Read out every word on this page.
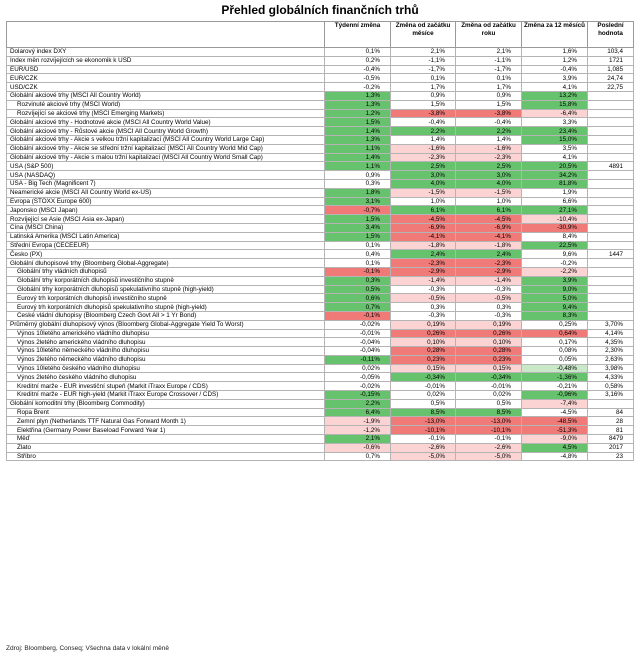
Přehled globálních finančních trhů
	Týdenní změna	Změna od začátku měsíce	Změna od začátku roku	Změna za 12 měsíců	Poslední hodnota
Dolarový index DXY	0,1%	2,1%	2,1%	1,6%	103,4
Index měn rozvíjejících se ekonomik k USD	0,2%	-1,1%	-1,1%	1,2%	1721
EUR/USD	-0,4%	-1,7%	-1,7%	-0,4%	1,085
EUR/CZK	-0,5%	0,1%	0,1%	3,9%	24,74
USD/CZK	-0,2%	1,7%	1,7%	4,1%	22,75
Globální akciové trhy (MSCI All Country World)	1,3%	0,9%	0,9%	13,2%	
Rozvinuté akciové trhy (MSCI World)	1,3%	1,5%	1,5%	15,8%	
Rozvíjející se akciové trhy (MSCI Emerging Markets)	1,2%	-3,8%	-3,8%	-6,4%	
Globální akciové trhy - Hodnotové akcie (MSCI All Country World Value)	1,5%	-0,4%	-0,4%	3,3%	
Globální akciové trhy - Růstové akcie (MSCI All Country World Growth)	1,4%	2,2%	2,2%	23,4%	
Globální akciové trhy - Akcie s velkou tržní kapitalizací (MSCI All Country World Large Cap)	1,3%	1,4%	1,4%	15,0%	
Globální akciové trhy - Akcie se střední tržní kapitalizací (MSCI All Country World Mid Cap)	1,1%	-1,6%	-1,6%	3,5%	
Globální akciové trhy - Akcie s malou tržní kapitalizací (MSCI All Country World Small Cap)	1,4%	-2,3%	-2,3%	4,1%	
USA (S&P 500)	1,1%	2,5%	2,5%	20,5%	4891
USA (NASDAQ)	0,9%	3,0%	3,0%	34,2%	
USA - Big Tech (Magnificent 7)	0,3%	4,0%	4,0%	81,8%	
Neamerické akcie (MSCI All Country World ex-US)	1,8%	-1,5%	-1,5%	1,9%	
Evropa (STOXX Europe 600)	3,1%	1,0%	1,0%	6,6%	
Japonsko (MSCI Japan)	-0,7%	6,1%	6,1%	27,1%	
Rozvíjející se Asie (MSCI Asia ex-Japan)	1,5%	-4,5%	-4,5%	-10,4%	
Čína (MSCI China)	3,4%	-6,9%	-6,9%	-30,9%	
Latinská Amerika (MSCI Latin America)	1,5%	-4,1%	-4,1%	8,4%	
Střední Evropa (CECEEUR)	0,1%	-1,8%	-1,8%	22,5%	
Česko (PX)	0,4%	2,4%	2,4%	9,6%	1447
Globální dluhopisové trhy (Bloomberg Global-Aggregate)	0,1%	-2,3%	-2,3%	-0,2%	
Globální trhy vládních dluhopisů	-0,1%	-2,9%	-2,9%	-2,2%	
Globální trhy korporátních dluhopisů investičního stupně	0,3%	-1,4%	-1,4%	3,9%	
Globální trhy korporátních dluhopisů spekulativního stupně (high-yield)	0,5%	-0,3%	-0,3%	9,0%	
Eurový trh korporátních dluhopisů investičního stupně	0,6%	-0,5%	-0,5%	5,0%	
Eurový trh korporátních dluhopisů spekulativního stupně (high-yield)	0,7%	0,3%	0,3%	9,4%	
České vládní dluhopisy (Bloomberg Czech Govt All > 1 Yr Bond)	-0,1%	-0,3%	-0,3%	8,3%	
Průměrný globální dluhopisový výnos (Bloomberg Global-Aggregate Yield To Worst)	-0,02%	0,19%	0,19%	0,25%	3,70%
Výnos 10letého amerického vládního dluhopisu	-0,01%	0,26%	0,26%	0,64%	4,14%
Výnos 2letého amerického vládního dluhopisu	-0,04%	0,10%	0,10%	0,17%	4,35%
Výnos 10letého německého vládního dluhopisu	-0,04%	0,28%	0,28%	0,08%	2,30%
Výnos 2letého německého vládního dluhopisu	-0,11%	0,23%	0,23%	0,05%	2,63%
Výnos 10letého českého vládního dluhopisu	0,02%	0,15%	0,15%	-0,48%	3,98%
Výnos 2letého českého vládního dluhopisu	-0,05%	-0,34%	-0,34%	-1,36%	4,33%
Kreditní marže - EUR investiční stupeň (Markit iTraxx Europe / CDS)	-0,02%	-0,01%	-0,01%	-0,21%	0,58%
Kreditní marže - EUR high-yield (Markit iTraxx Europe Crossover / CDS)	-0,15%	0,02%	0,02%	-0,96%	3,16%
Globální komoditní trhy (Bloomberg Commodity)	2,2%	0,5%	0,5%	-7,4%	
Ropa Brent	6,4%	8,5%	8,5%	-4,5%	84
Zemní plyn (Netherlands TTF Natural Gas Forward Month 1)	-1,9%	-13,0%	-13,0%	-48,5%	28
Elektřina (Germany Power Baseload Forward Year 1)	-1,2%	-10,1%	-10,1%	-51,3%	81
Měď	2,1%	-0,1%	-0,1%	-9,0%	8479
Zlato	-0,6%	-2,6%	-2,6%	4,5%	2017
Stříbro	0,7%	-5,0%	-5,0%	-4,8%	23
Zdroj: Bloomberg, Conseq; Všechna data v lokální měně
